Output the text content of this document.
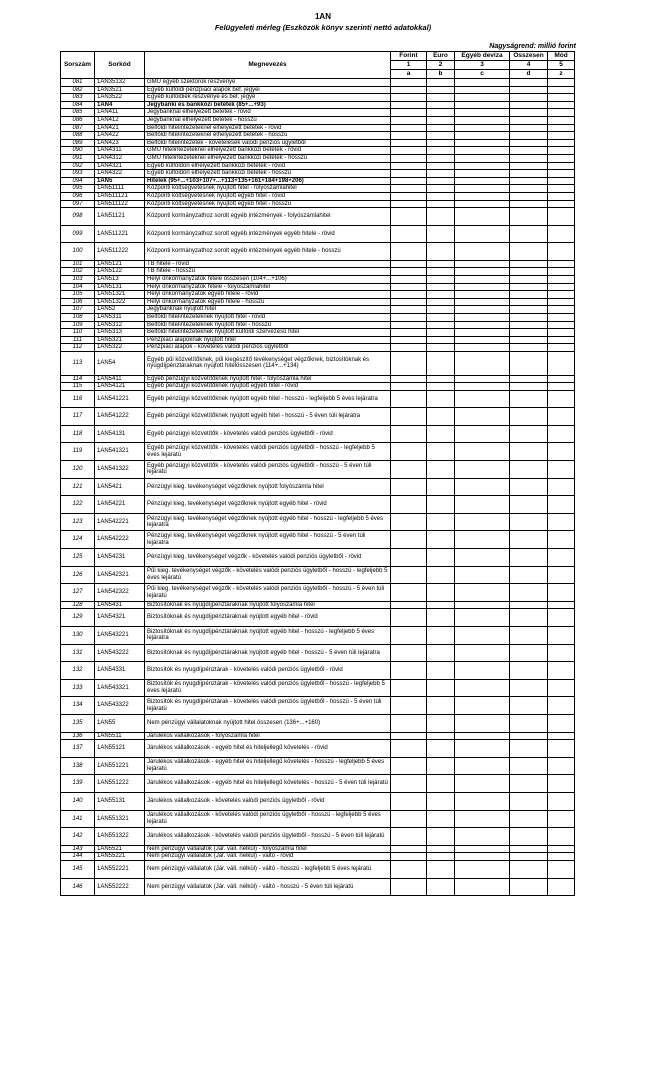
1AN
Felügyeleti mérleg (Eszközök könyv szerinti nettó adatokkal)
Nagyságrend: millió forint
Sorszám	Sorkód	Megnevezés	Forint	Euro	Egyéb deviza	Összesen	Mód
			1	2	3	4	5
			a	b	c	d	z
081	1AN35132	GMU egyéb szektorok részvénye					
082	1AN3521	Egyéb külföldi pénzpiaci alapok bef. jegyei					
083	1AN3522	Egyéb külföldiek részvénye és bef. jegye					
084	1AN4	Jegybanki és bankközi betétek (85+...+93)					
085	1AN411	Jegybanknál elhelyezett betétek - rövid					
086	1AN412	Jegybanknál elhelyezett betétek - hosszú					
087	1AN421	Belföldi hitelintézeteknél elhelyezett betétek - rövid					
088	1AN422	Belföldi hitelintézeteknél elhelyezett betétek - hosszú					
089	1AN423	Belföldi hitelintézetek - követelések valódi penziós ügyletből					
090	1AN4311	GMU hitelintézeteknél elhelyezett bankközi betétek - rövid					
091	1AN4312	GMU hitelintézeteknél elhelyezett bankközi betétek - hosszú					
092	1AN4321	Egyéb külföldön elhelyezett bankközi betétek - rövid					
093	1AN4322	Egyéb külföldön elhelyezett bankközi betétek - hosszú					
094	1AN5	Hitelek (95+...+103+107+...+113+135+161+184+198+206)					
095	1AN51111	Központi költségvetésnek nyújtott hitel - folyószámlahitel					
096	1AN511121	Központi költségvetésnek nyújtott egyéb hitel - rövid					
097	1AN511122	Központi költségvetésnek nyújtott egyéb hitel - hosszú					
098	1AN51121	Központi kormányzathoz sorolt egyéb intézmények - folyószámlahitel					
099	1AN511221	Központi kormányzathoz sorolt egyéb intézmények egyéb hitele - rövid					
100	1AN511222	Központi kormányzathoz sorolt egyéb intézmények egyéb hitele - hosszú					
101	1AN5121	TB hitele - rövid					
102	1AN5122	TB hitele - hosszú					
103	1AN513	Helyi önkormányzatok hitele összesen (104+...+106)					
104	1AN5131	Helyi önkormányzatok hitele - folyószámlahitel					
105	1AN51321	Helyi önkormányzatok egyéb hitele - rövid					
106	1AN51322	Helyi önkormányzatok egyéb hitele - hosszú					
107	1AN52	Jegybanknak nyújtott hitel					
108	1AN5311	Belföldi hitelintézeteknek nyújtott hitel - rövid					
109	1AN5312	Belföldi hitelintézeteknek nyújtott hitel - hosszú					
110	1AN5313	Belföldi hitelintézeteknek nyújtott külföldi szervezésű hitel					
111	1AN5321	Pénzpiaci alapoknak nyújtott hitel					
112	1AN5322	Pénzpiaci alapok - követelés valódi penziós ügyletből					
113	1AN54	Egyéb pűi közvetítőknek, pűi kiegészítő tevékenységet végzőknek, biztosítóknak és nyugdíjpénztáraknak nyújtott hitelösszesen (114+...+134)					
114	1AN5411	Egyéb pénzügyi közvetítőknek nyújtott hitel - folyószámla hitel					
115	1AN54121	Egyéb pénzügyi közvetítőknek nyújtott egyéb hitel - rövid					
116	1AN541221	Egyéb pénzügyi közvetítőknek nyújtott egyéb hitel - hosszú - legfeljebb 5 éves lejáratra					
117	1AN541222	Egyéb pénzügyi közvetítőknek nyújtott egyéb hitel - hosszú - 5 éven túli lejáratra					
118	1AN54131	Egyéb pénzügyi közvetítők - követelés valódi penziós ügyletből - rövid					
119	1AN541321	Egyéb pénzügyi közvetítők - követelés valódi penziós ügyletből - hosszú - legfeljebb 5 éves lejáratú					
120	1AN541322	Egyéb pénzügyi közvetítők - követelés valódi penziós ügyletből - hosszú - 5 éven túli lejáratú					
121	1AN5421	Pénzügyi kieg. tevékenységet végzőknek nyújtott folyószámla hitel					
122	1AN54221	Pénzügyi kieg. tevékenységet végzőknek nyújtott egyéb hitel - rövid					
123	1AN542221	Pénzügyi kieg. tevékenységet végzőknek nyújtott egyéb hitel - hosszú - legfeljebb 5 éves lejáratra					
124	1AN542222	Pénzügyi kieg. tevékenységet végzőknek nyújtott egyéb hitel - hosszú - 5 éven túli lejáratra					
125	1AN54231	Pénzügyi kieg. tevékenységet végzők - követelés valódi penziós ügyletből - rövid					
126	1AN542321	Pűi kieg. tevékenységet végzők - követelés valódi penziós ügyletből - hosszú - legfeljebb 5 éves lejáratú					
127	1AN542322	Pűi kieg. tevékenységet végzők - követelés valódi penziós ügyletből - hosszú - 5 éven túli lejáratú					
128	1AN5431	Biztosítóknak és nyugdíjpénztáraknak nyújtott folyószámla hitel					
129	1AN54321	Biztosítóknak és nyugdíjpénztáraknak nyújtott egyéb hitel - rövid					
130	1AN543221	Biztosítóknak és nyugdíjpénztáraknak nyújtott egyéb hitel - hosszú - legfeljebb 5 éves lejáratra					
131	1AN543222	Biztosítóknak és nyugdíjpénztáraknak nyújtott egyéb hitel - hosszú - 5 éven túli lejáratra					
132	1AN54331	Biztosítók és nyugdíjpénztárak - követelés valódi penziós ügyletből - rövid					
133	1AN543321	Biztosítók és nyugdíjpénztárak - követelés valódi penziós ügyletből - hosszú - legfeljebb 5 éves lejáratú					
134	1AN543322	Biztosítók és nyugdíjpénztárak - követelés valódi penziós ügyletből - hosszú - 5 éven túli lejáratú					
135	1AN55	Nem pénzügyi vállalatoknak nyújtott hitel összesen (136+...+160)					
136	1AN5511	Járulékos vállalkozások - folyószámla hitel					
137	1AN55121	Járulékos vállalkozások - egyéb hitel és hiteljellegű követelés - rövid					
138	1AN551221	Járulékos vállalkozások - egyéb hitel és hiteljellegű követelés - hosszú - legfeljebb 5 éves lejáratú					
139	1AN551222	Járulékos vállalkozások - egyéb hitel és hiteljellegű követelés - hosszú - 5 éven túli lejáratú					
140	1AN55131	Járulékos vállalkozások - követelés valódi penziós ügyletből - rövid					
141	1AN551321	Járulékos vállalkozások - követelés valódi penziós ügyletből - hosszú - legfeljebb 5 éves lejáratú					
142	1AN551322	Járulékos vállalkozások - követelés valódi penziós ügyletből - hosszú - 5 éven túli lejáratú					
143	1AN5521	Nem pénzügyi vállalatok (Jár. váll. nélkül) - folyószámla hitel					
144	1AN55221	Nem pénzügyi vállalatok (Jár. váll. nélkül) - váltó - rövid					
145	1AN552221	Nem pénzügyi vállalatok (Jár. váll. nélkül) - váltó - hosszú - legfeljebb 5 éves lejáratú					
146	1AN552222	Nem pénzügyi vállalatok (Jár. váll. nélkül) - váltó - hosszú - 5 éven túli lejáratú					
